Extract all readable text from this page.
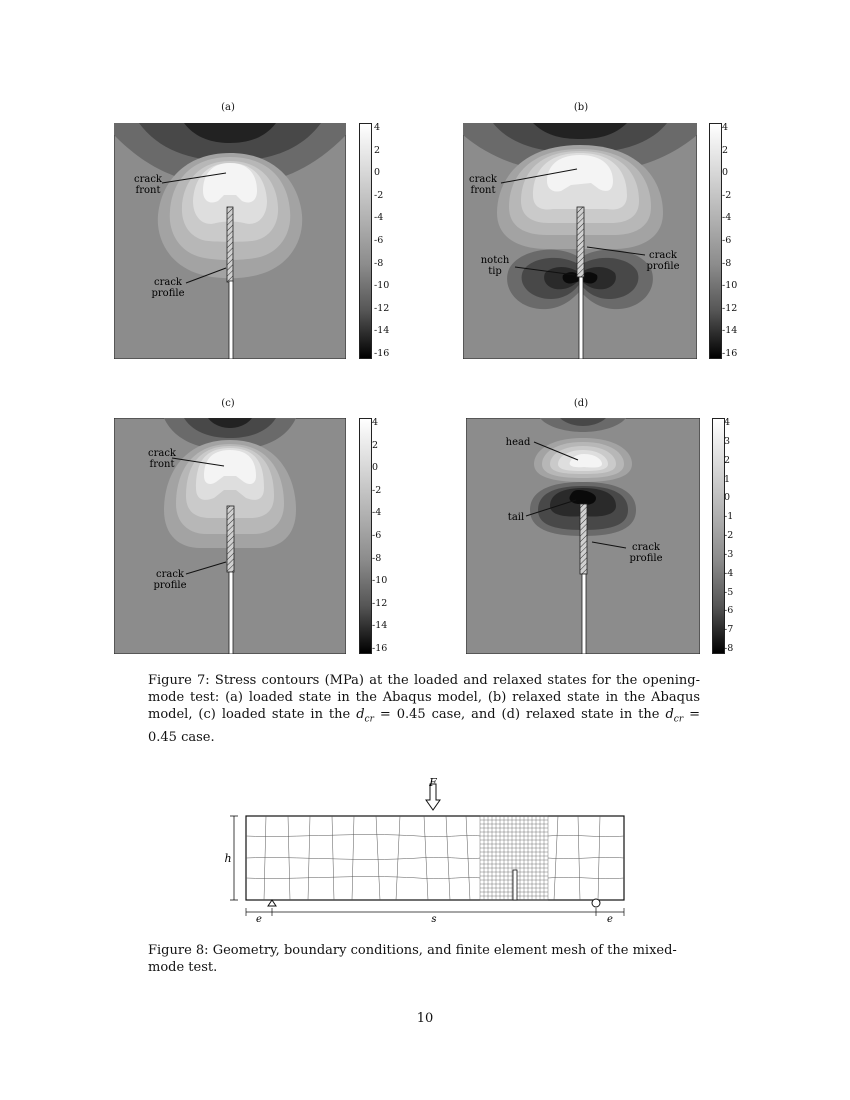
(a)
crack
front
crack
profile
4
2
0
-2
-4
-6
-8
-10
-12
-14
-16
(b)
crack
front
notch
tip
crack
profile
4
2
0
-2
-4
-6
-8
-10
-12
-14
-16
(c)
crack
front
crack
profile
4
2
0
-2
-4
-6
-8
-10
-12
-14
-16
(d)
head
tail
crack
profile
4
3
2
1
0
-1
-2
-3
-4
-5
-6
-7
-8
Figure 7: Stress contours (MPa) at the loaded and relaxed states for the opening-mode test: (a) loaded state in the Abaqus model, (b) relaxed state in the Abaqus model, (c) loaded state in the $d_{cr} = 0.45$ case, and (d) relaxed state in the $d_{cr} = 0.45$ case.
F
h
e	s	e
Figure 8: Geometry, boundary conditions, and finite element mesh of the mixed-mode test.
10
